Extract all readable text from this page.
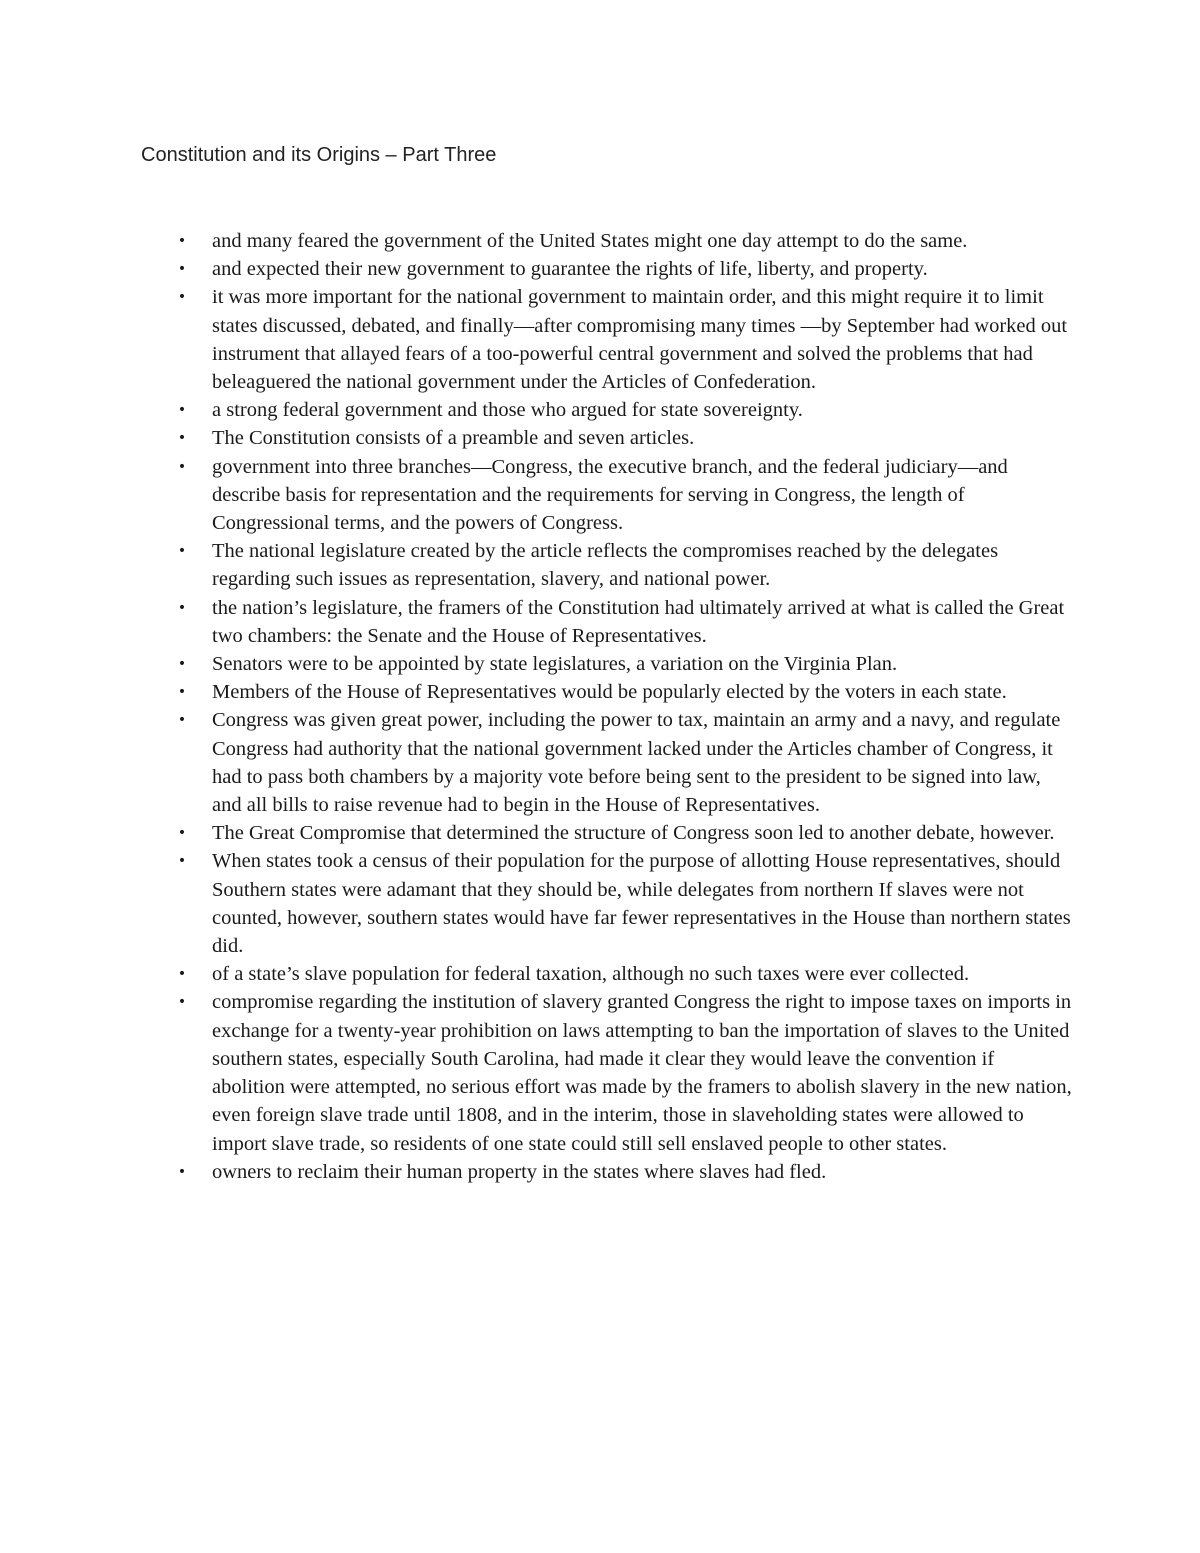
Constitution and its Origins – Part Three
• and many feared the government of the United States might one day attempt to do the same.
• and expected their new government to guarantee the rights of life, liberty, and property.
• it was more important for the national government to maintain order, and this might require it to limit states discussed, debated, and finally—after compromising many times —by September had worked out instrument that allayed fears of a too-powerful central government and solved the problems that had beleaguered the national government under the Articles of Confederation.
• a strong federal government and those who argued for state sovereignty.
• The Constitution consists of a preamble and seven articles.
• government into three branches—Congress, the executive branch, and the federal judiciary—and describe basis for representation and the requirements for serving in Congress, the length of Congressional terms, and the powers of Congress.
• The national legislature created by the article reflects the compromises reached by the delegates regarding such issues as representation, slavery, and national power.
• the nation’s legislature, the framers of the Constitution had ultimately arrived at what is called the Great two chambers: the Senate and the House of Representatives.
• Senators were to be appointed by state legislatures, a variation on the Virginia Plan.
• Members of the House of Representatives would be popularly elected by the voters in each state.
• Congress was given great power, including the power to tax, maintain an army and a navy, and regulate Congress had authority that the national government lacked under the Articles chamber of Congress, it had to pass both chambers by a majority vote before being sent to the president to be signed into law, and all bills to raise revenue had to begin in the House of Representatives.
• The Great Compromise that determined the structure of Congress soon led to another debate, however.
• When states took a census of their population for the purpose of allotting House representatives, should Southern states were adamant that they should be, while delegates from northern If slaves were not counted, however, southern states would have far fewer representatives in the House than northern states did.
• of a state’s slave population for federal taxation, although no such taxes were ever collected.
• compromise regarding the institution of slavery granted Congress the right to impose taxes on imports in exchange for a twenty-year prohibition on laws attempting to ban the importation of slaves to the United southern states, especially South Carolina, had made it clear they would leave the convention if abolition were attempted, no serious effort was made by the framers to abolish slavery in the new nation, even foreign slave trade until 1808, and in the interim, those in slaveholding states were allowed to import slave trade, so residents of one state could still sell enslaved people to other states.
• owners to reclaim their human property in the states where slaves had fled.
